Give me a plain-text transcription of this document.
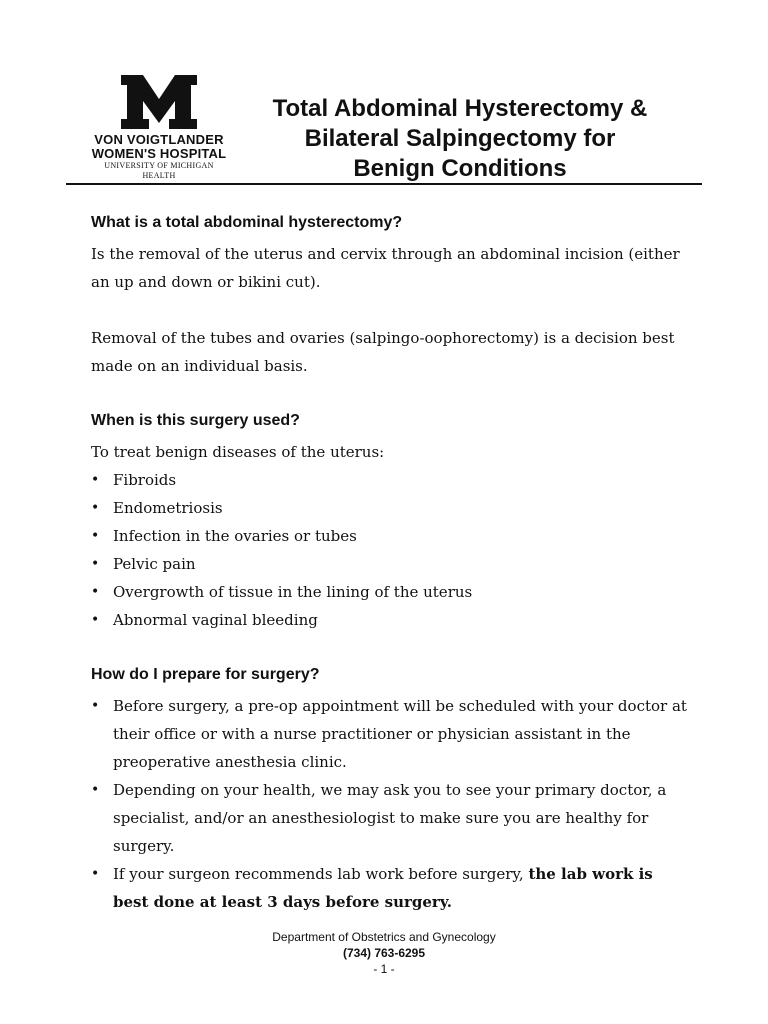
VON VOIGTLANDER
WOMEN'S HOSPITAL
UNIVERSITY OF MICHIGAN HEALTH
Total Abdominal Hysterectomy &
Bilateral Salpingectomy for
Benign Conditions
What is a total abdominal hysterectomy?

Is the removal of the uterus and cervix through an abdominal incision (either an up and down or bikini cut).

Removal of the tubes and ovaries (salpingo-oophorectomy) is a decision best made on an individual basis.

When is this surgery used?

To treat benign diseases of the uterus:

• Fibroids
• Endometriosis
• Infection in the ovaries or tubes
• Pelvic pain
• Overgrowth of tissue in the lining of the uterus
• Abnormal vaginal bleeding
How do I prepare for surgery?
• Before surgery, a pre-op appointment will be scheduled with your doctor at their office or with a nurse practitioner or physician assistant in the preoperative anesthesia clinic.
• Depending on your health, we may ask you to see your primary doctor, a specialist, and/or an anesthesiologist to make sure you are healthy for surgery.
• If your surgeon recommends lab work before surgery, the lab work is best done at least 3 days before surgery.
Department of Obstetrics and Gynecology
(734) 763-6295
- 1 -
